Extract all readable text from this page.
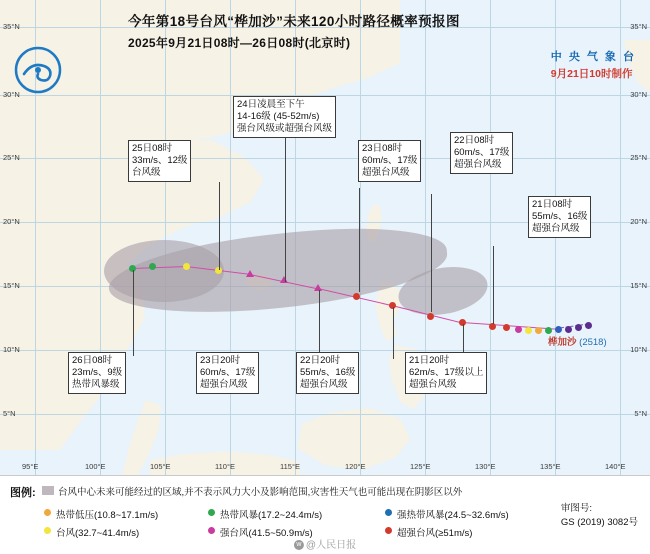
95°E	100°E	105°E	110°E	115°E	120°E	125°E	130°E	135°E	140°E
35°N
30°N
25°N
20°N
15°N
10°N
5°N
35°N
30°N
25°N
20°N
15°N
10°N
5°N
今年第18号台风“桦加沙”未来120小时路径概率预报图
2025年9月21日08时—26日08时(北京时)
中 央 气 象 台
9月21日10时制作
24日凌晨至下午
14-16级 (45-52m/s)
强台风级或超强台风级
25日08时
33m/s、12级
台风级
23日08时
60m/s、17级
超强台风级
22日08时
60m/s、17级
超强台风级
21日08时
55m/s、16级
超强台风级
26日08时
23m/s、9级
热带风暴级
23日20时
60m/s、17级
超强台风级
22日20时
55m/s、16级
超强台风级
21日20时
62m/s、17级以上
超强台风级
桦加沙 (2518)
图例: 台风中心未来可能经过的区域,并不表示风力大小及影响范围,灾害性天气也可能出现在阴影区以外
热带低压(10.8~17.1m/s)	热带风暴(17.2~24.4m/s)	强热带风暴(24.5~32.6m/s)
台风(32.7~41.4m/s)	强台风(41.5~50.9m/s)	超强台风(≥51m/s)
审图号:
GS (2019) 3082号
w @人民日报
